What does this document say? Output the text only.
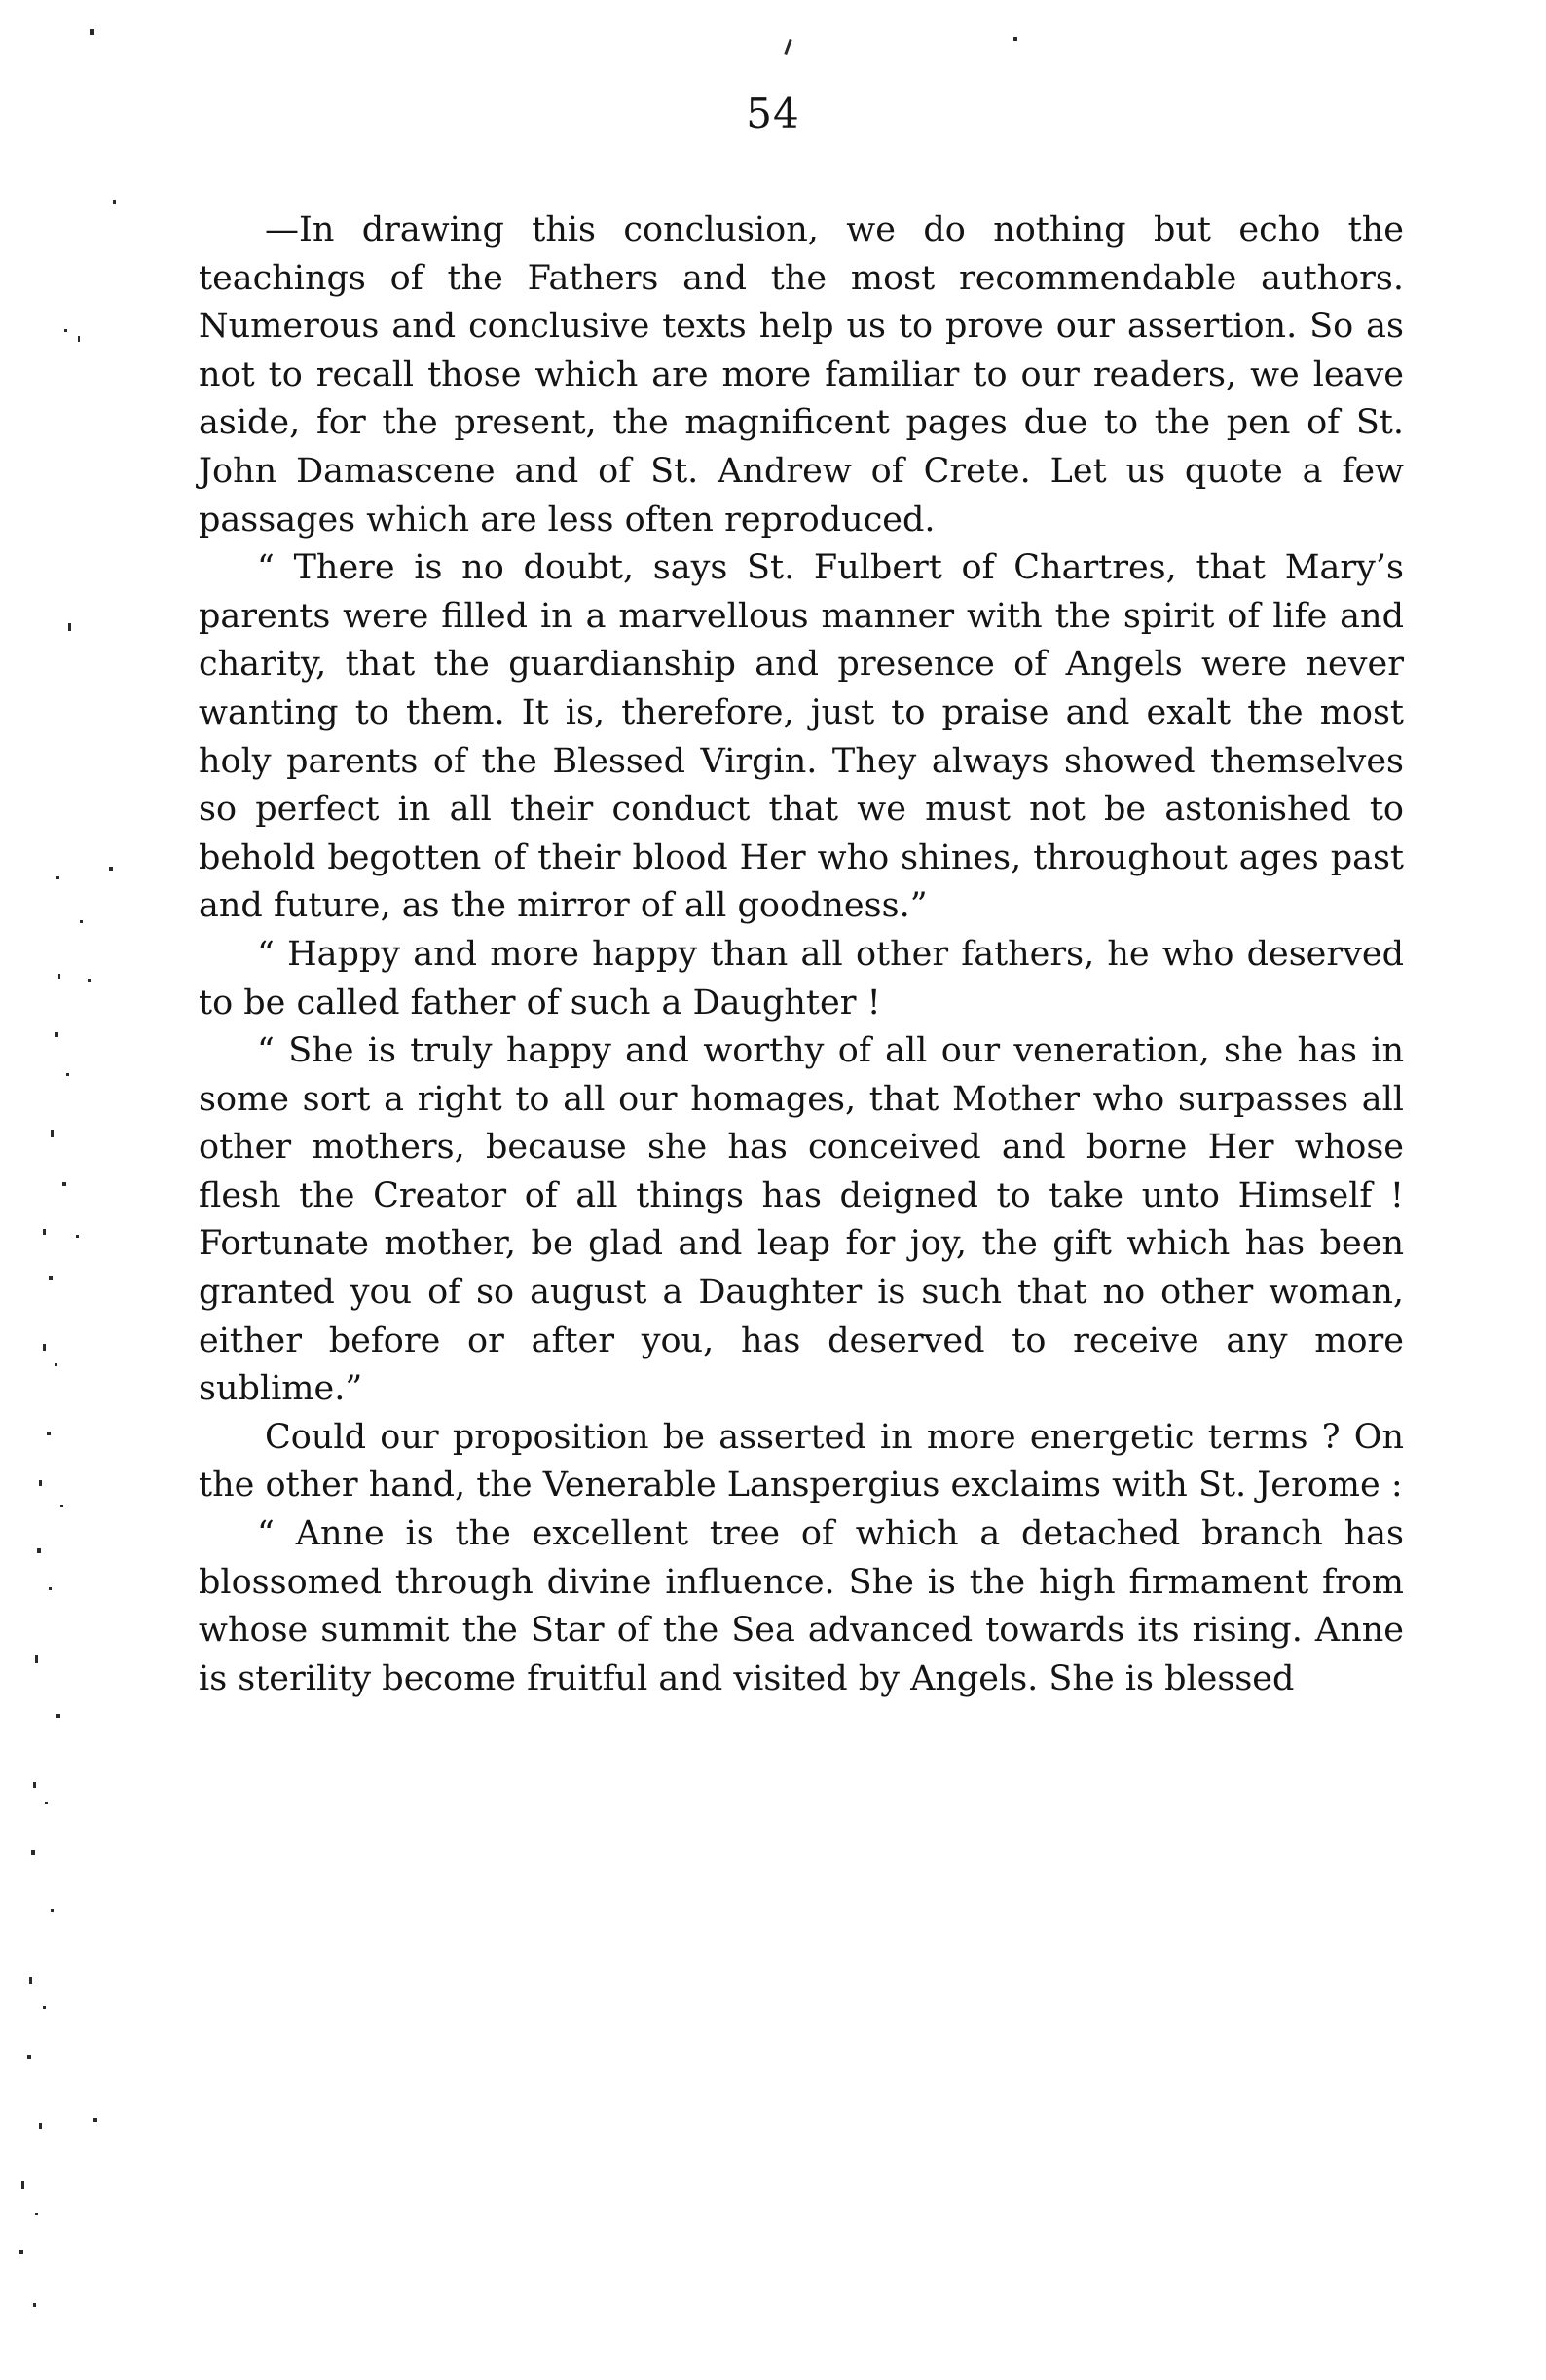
54

—In drawing this conclusion, we do nothing but echo the teachings of the Fathers and the most recommendable authors. Numerous and conclusive texts help us to prove our assertion. So as not to recall those which are more familiar to our readers, we leave aside, for the present, the magnificent pages due to the pen of St. John Damascene and of St. Andrew of Crete. Let us quote a few passages which are less often reproduced.

“ There is no doubt, says St. Fulbert of Chartres, that Mary’s parents were filled in a marvellous manner with the spirit of life and charity, that the guardianship and presence of Angels were never wanting to them. It is, therefore, just to praise and exalt the most holy parents of the Blessed Virgin. They always showed themselves so perfect in all their conduct that we must not be astonished to behold begotten of their blood Her who shines, throughout ages past and future, as the mirror of all goodness.”

“ Happy and more happy than all other fathers, he who deserved to be called father of such a Daughter !

“ She is truly happy and worthy of all our veneration, she has in some sort a right to all our homages, that Mother who surpasses all other mothers, because she has conceived and borne Her whose flesh the Creator of all things has deigned to take unto Himself ! Fortunate mother, be glad and leap for joy, the gift which has been granted you of so august a Daughter is such that no other woman, either before or after you, has deserved to receive any more sublime.”

Could our proposition be asserted in more energetic terms ? On the other hand, the Venerable Lanspergius exclaims with St. Jerome :

“ Anne is the excellent tree of which a detached branch has blossomed through divine influence. She is the high firmament from whose summit the Star of the Sea advanced towards its rising. Anne is sterility become fruitful and visited by Angels. She is blessed
